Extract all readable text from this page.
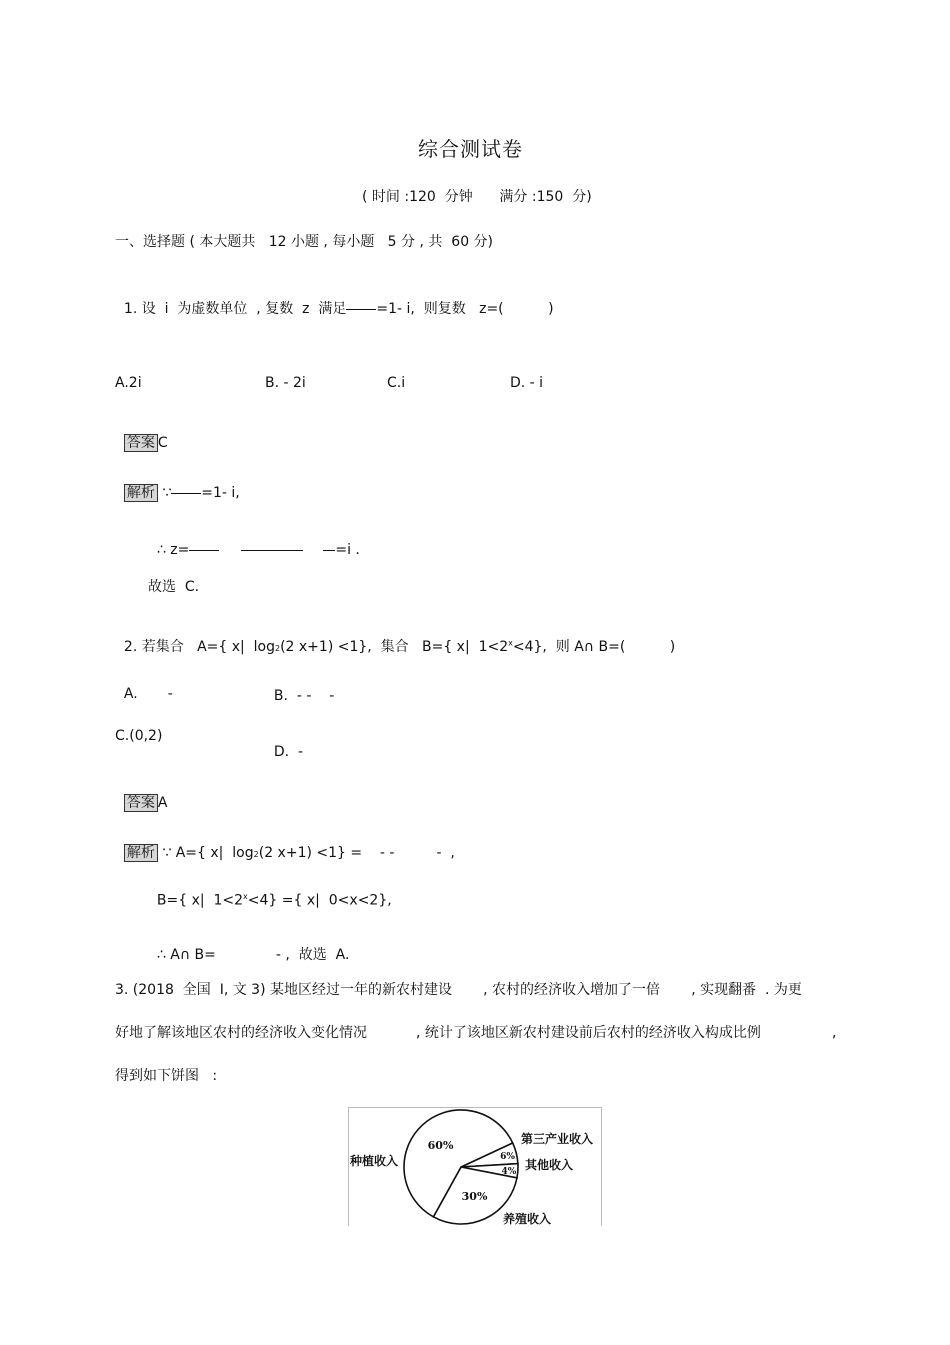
综合测试卷
( 时间 :120  分钟      满分 :150  分)
一、选择题 ( 本大题共   12 小题 , 每小题   5 分 , 共  60 分)

1. 设  i  为虚数单位  , 复数  z  满足 =1- i,  则复数   z=(          )

A.2i	B. - 2i	C.i	D. - i

答案 C

解析 ∵ =1- i,

∴ z=	=i .

故选  C.

2. 若集合   A={ x|  log2(2 x+1) <1},  集合   B={ x|  $1<2^x<4$},  则 A∩ B=(          )

A. -	B. - -    -

C.(0,2)

D. -

答案 A

解析 ∵ A={ x|  log2(2 x+1) <1} =    - -	-  ,

B={ x|  $1<2^x<4$} ={ x|  0<x<2},

∴ A∩ B=	- ,  故选  A.

3. (2018  全国  Ⅰ, 文 3) 某地区经过一年的新农村建设       , 农村的经济收入增加了一倍       , 实现翻番  . 为更
好地了解该地区农村的经济收入变化情况           , 统计了该地区新农村建设前后农村的经济收入构成比例                ,
得到如下饼图   :
6%
4%
30%
60%
种植收入
养殖收入
其他收入
第三产业收入
